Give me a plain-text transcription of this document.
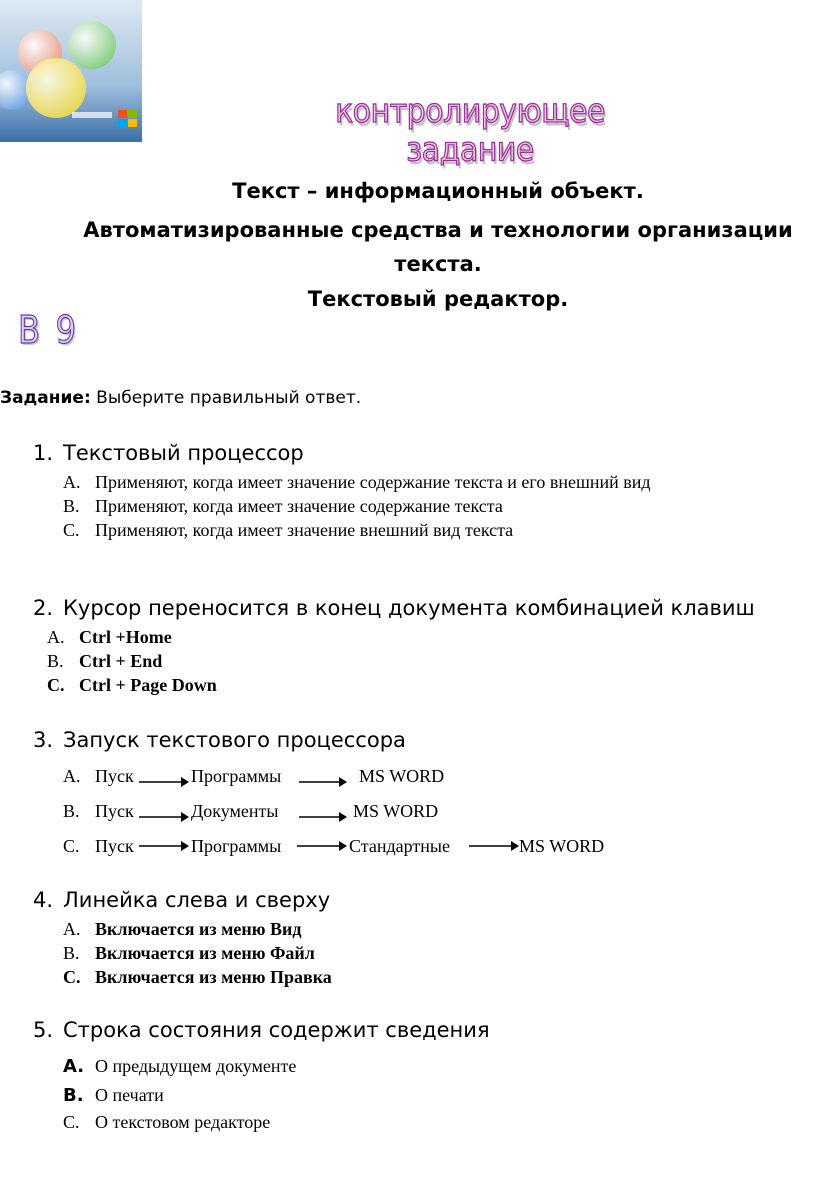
контролирующее задание
Текст – информационный объект.
Автоматизированные средства и технологии организации
текста.
Текстовый редактор.
В 9
Задание: Выберите правильный ответ.
1. Текстовый процессор
A. Применяют, когда имеет значение содержание текста и его внешний вид
B. Применяют, когда имеет значение содержание текста
C. Применяют, когда имеет значение внешний вид текста
2. Курсор переносится в конец документа комбинацией клавиш
A. Ctrl +Home
B. Ctrl + End
C. Ctrl + Page Down
3. Запуск текстового процессора
A. Пуск	Программы	MS WORD
B. Пуск	Документы	MS WORD
C. Пуск	Программы	Стандартные	MS WORD
4. Линейка слева и сверху
A. Включается из меню Вид
B. Включается из меню Файл
C. Включается из меню Правка
5. Строка состояния содержит сведения
A. О предыдущем документе
B. О печати
C. О текстовом редакторе
